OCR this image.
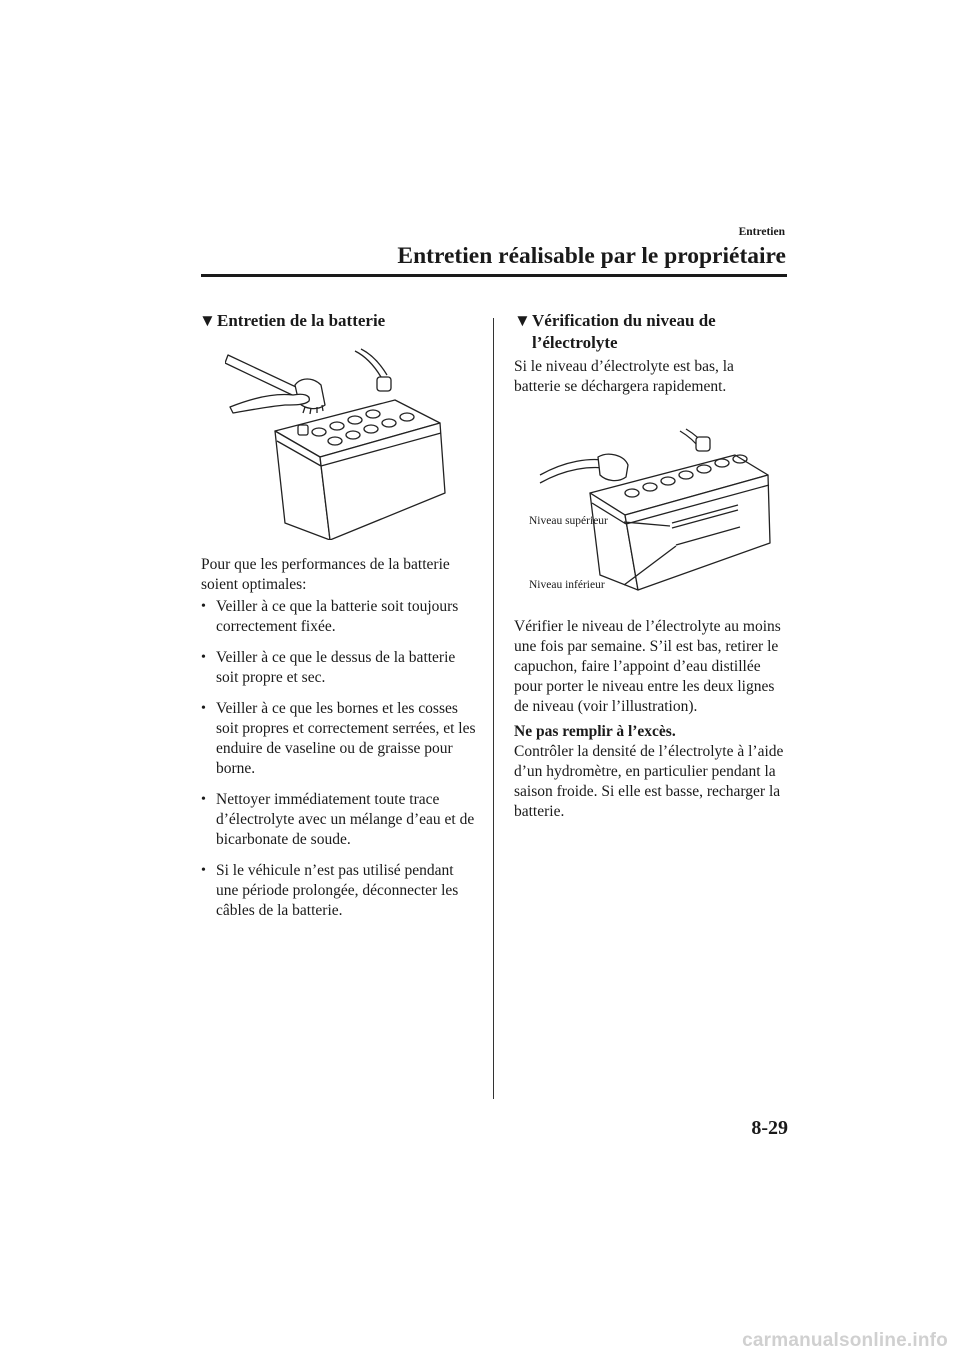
Entretien
Entretien réalisable par le propriétaire
▼Entretien de la batterie
Pour que les performances de la batterie soient optimales:
• Veiller à ce que la batterie soit toujours correctement fixée.
• Veiller à ce que le dessus de la batterie soit propre et sec.
• Veiller à ce que les bornes et les cosses soit propres et correctement serrées, et les enduire de vaseline ou de graisse pour borne.
• Nettoyer immédiatement toute trace d’électrolyte avec un mélange d’eau et de bicarbonate de soude.
• Si le véhicule n’est pas utilisé pendant une période prolongée, déconnecter les câbles de la batterie.
▼Vérification du niveau de
l’électrolyte
Si le niveau d’électrolyte est bas, la batterie se déchargera rapidement.
Niveau supérieur
Niveau inférieur
Vérifier le niveau de l’électrolyte au moins une fois par semaine. S’il est bas, retirer le capuchon, faire l’appoint d’eau distillée pour porter le niveau entre les deux lignes de niveau (voir l’illustration).
Ne pas remplir à l’excès.
Contrôler la densité de l’électrolyte à l’aide d’un hydromètre, en particulier pendant la saison froide. Si elle est basse, recharger la batterie.
8-29
carmanualsonline.info
